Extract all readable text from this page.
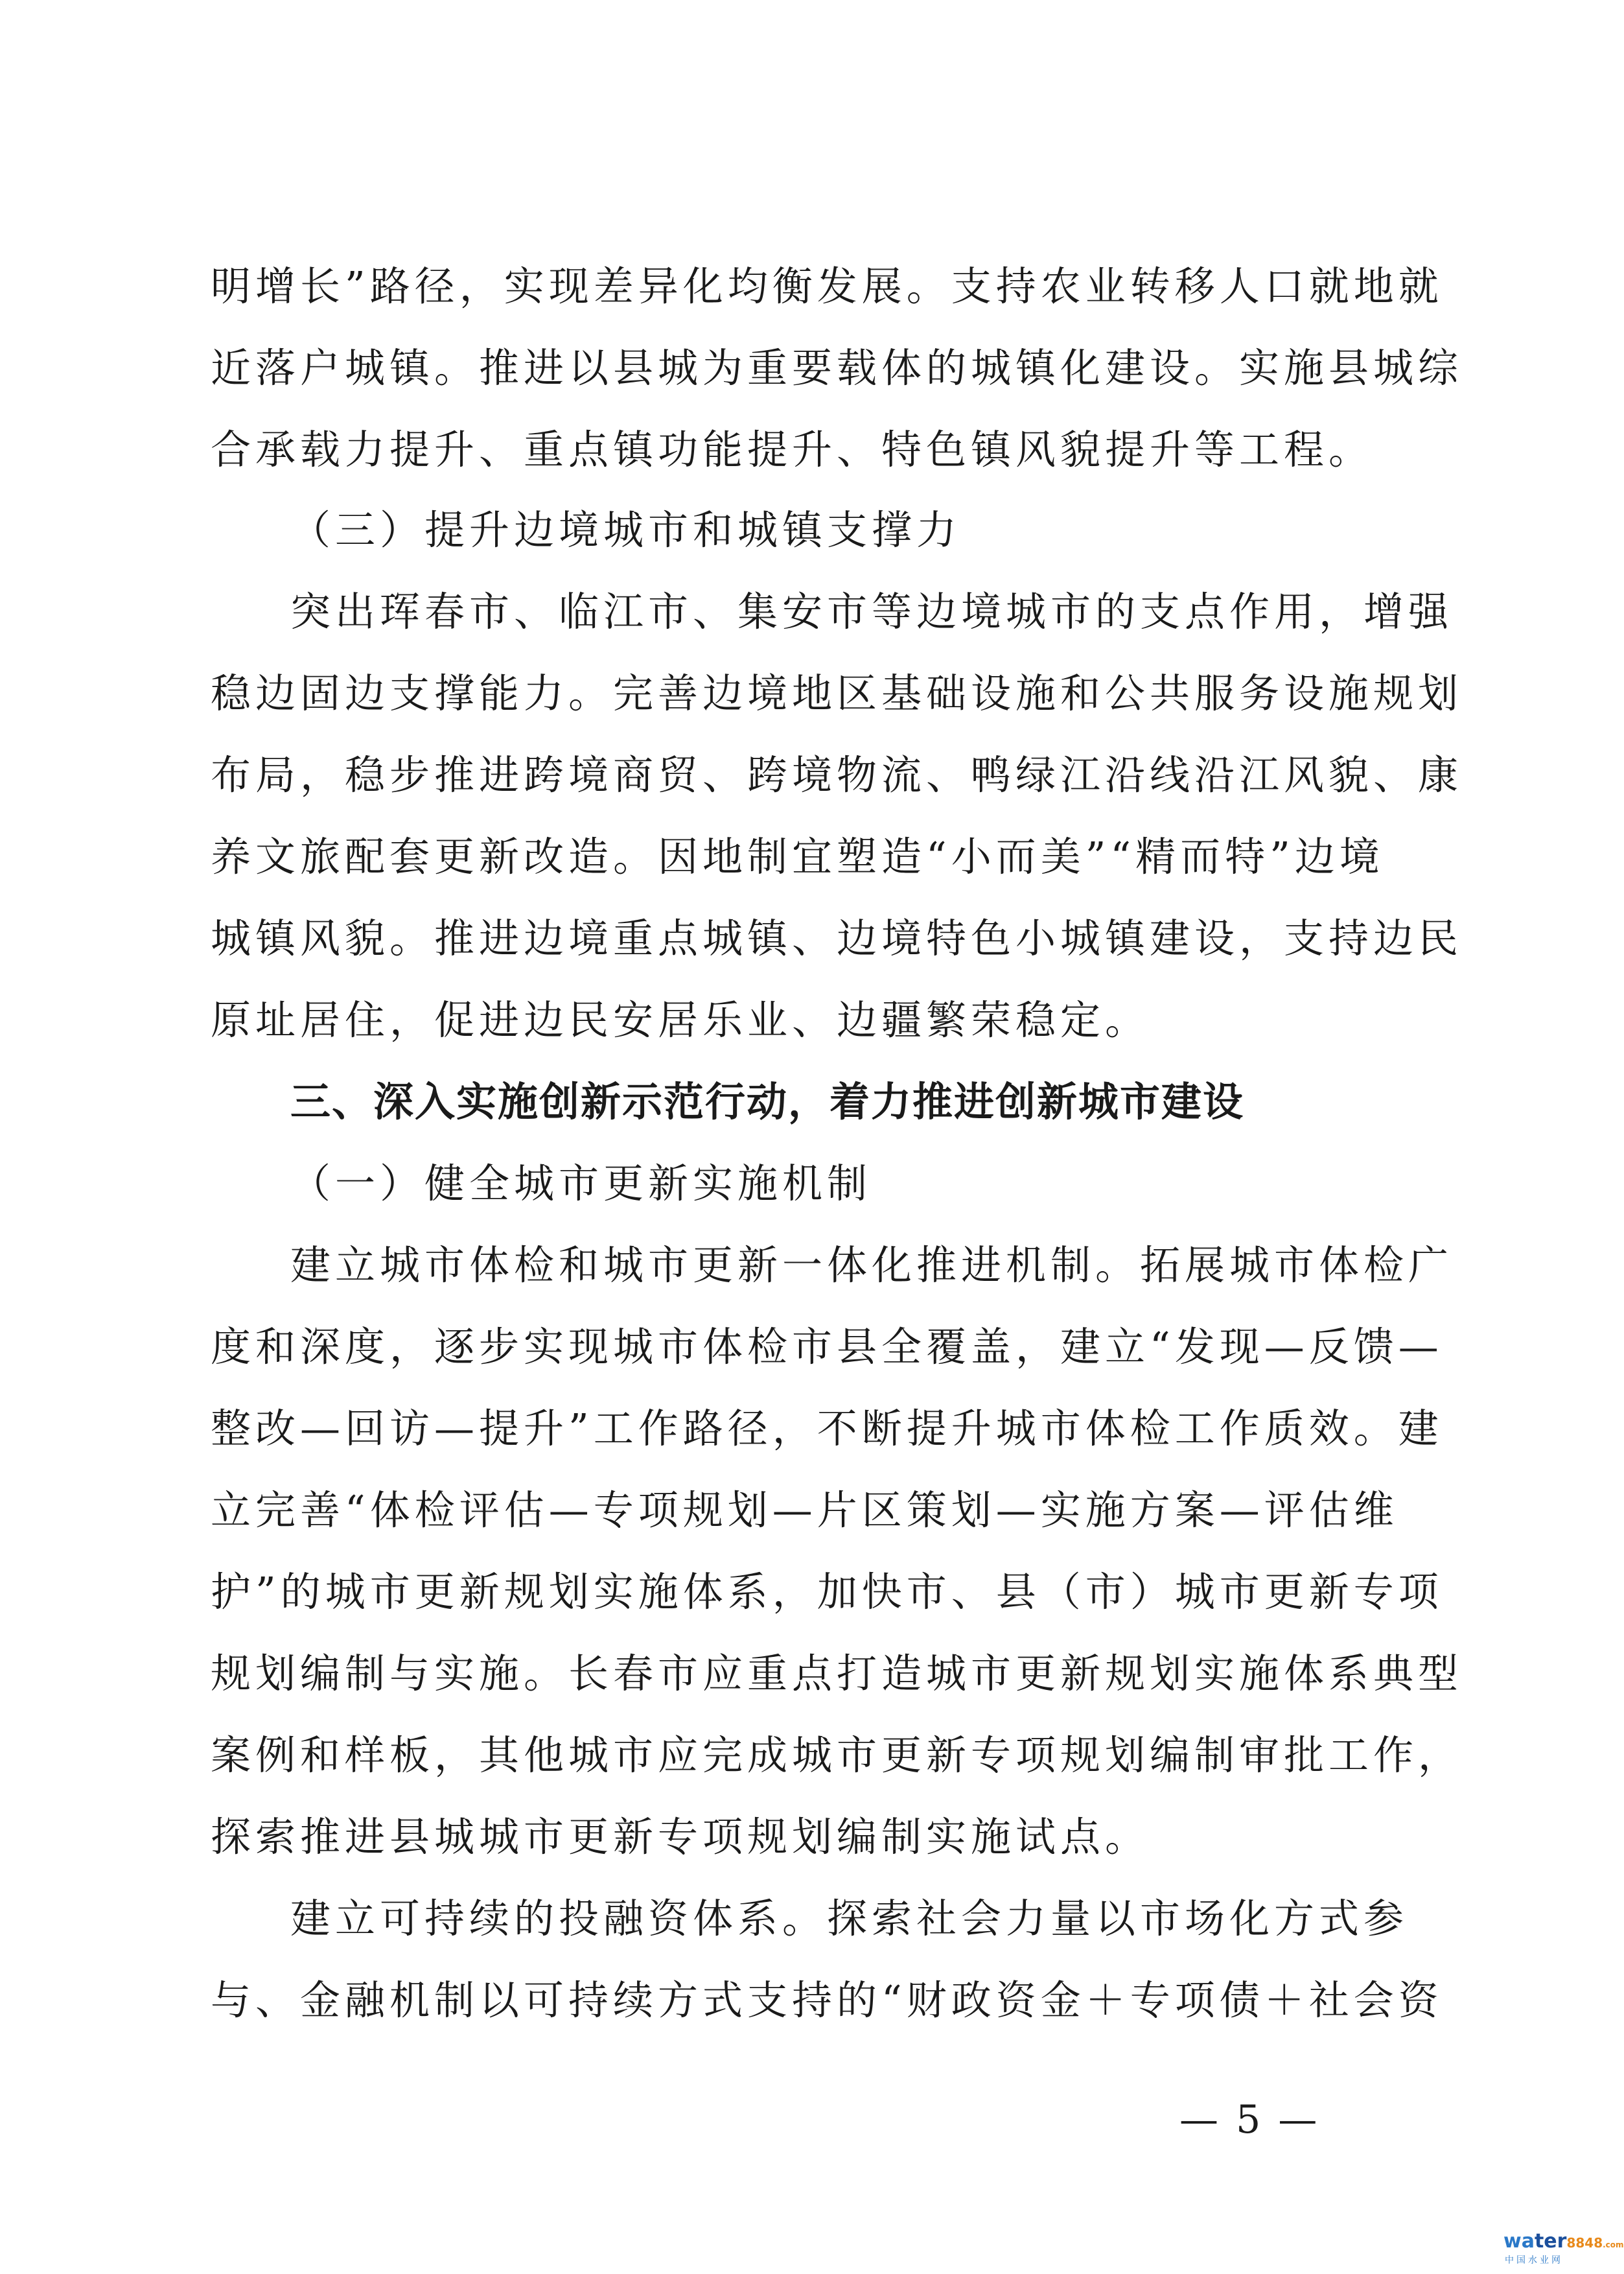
明增长”路径，实现差异化均衡发展。支持农业转移人口就地就
近落户城镇。推进以县城为重要载体的城镇化建设。实施县城综
合承载力提升、重点镇功能提升、特色镇风貌提升等工程。
（三）提升边境城市和城镇支撑力
突出珲春市、临江市、集安市等边境城市的支点作用，增强
稳边固边支撑能力。完善边境地区基础设施和公共服务设施规划
布局，稳步推进跨境商贸、跨境物流、鸭绿江沿线沿江风貌、康
养文旅配套更新改造。因地制宜塑造“小而美”“精而特”边境
城镇风貌。推进边境重点城镇、边境特色小城镇建设，支持边民
原址居住，促进边民安居乐业、边疆繁荣稳定。
三、深入实施创新示范行动，着力推进创新城市建设
（一）健全城市更新实施机制
建立城市体检和城市更新一体化推进机制。拓展城市体检广
度和深度，逐步实现城市体检市县全覆盖，建立“发现—反馈—
整改—回访—提升”工作路径，不断提升城市体检工作质效。建
立完善“体检评估—专项规划—片区策划—实施方案—评估维
护”的城市更新规划实施体系，加快市、县（市）城市更新专项
规划编制与实施。长春市应重点打造城市更新规划实施体系典型
案例和样板，其他城市应完成城市更新专项规划编制审批工作，
探索推进县城城市更新专项规划编制实施试点。
建立可持续的投融资体系。探索社会力量以市场化方式参
与、金融机制以可持续方式支持的“财政资金＋专项债＋社会资
— 5 —
water8848.com
中国水业网
